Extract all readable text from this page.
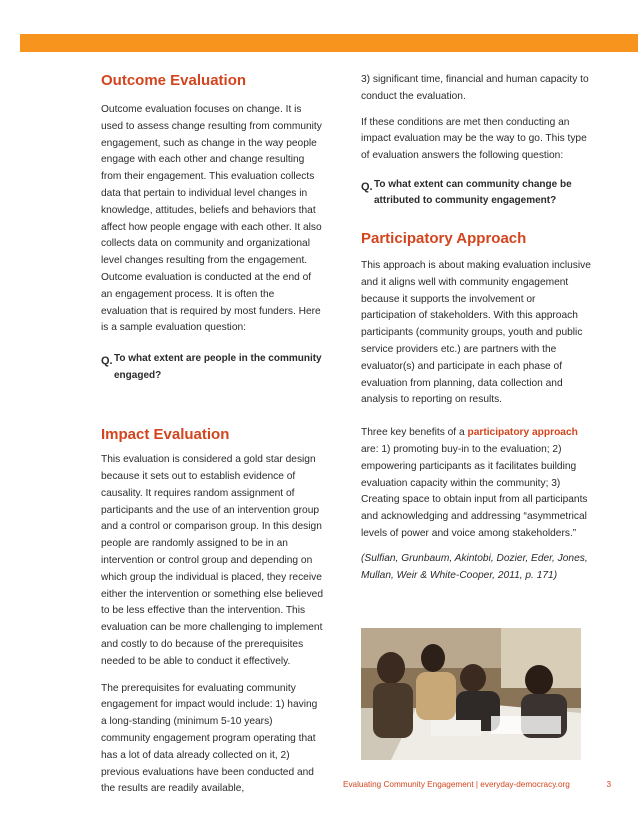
Outcome Evaluation

Outcome evaluation focuses on change. It is used to assess change resulting from community engagement, such as change in the way people engage with each other and change resulting from their engagement. This evaluation collects data that pertain to individual level changes in knowledge, attitudes, beliefs and behaviors that affect how people engage with each other. It also collects data on community and organizational level changes resulting from the engagement. Outcome evaluation is conducted at the end of an engagement process. It is often the evaluation that is required by most funders. Here is a sample evaluation question:

Q. To what extent are people in the community engaged?
Impact Evaluation

This evaluation is considered a gold star design because it sets out to establish evidence of causality. It requires random assignment of participants and the use of an intervention group and a control or comparison group. In this design people are randomly assigned to be in an intervention or control group and depending on which group the individual is placed, they receive either the intervention or something else believed to be less effective than the intervention. This evaluation can be more challenging to implement and costly to do because of the prerequisites needed to be able to conduct it effectively.

The prerequisites for evaluating community engagement for impact would include: 1) having a long-standing (minimum 5-10 years) community engagement program operating that has a lot of data already collected on it, 2) previous evaluations have been conducted and the results are readily available,

3) significant time, financial and human capacity to conduct the evaluation.

If these conditions are met then conducting an impact evaluation may be the way to go. This type of evaluation answers the following question:

Q. To what extent can community change be attributed to community engagement?
Participatory Approach

This approach is about making evaluation inclusive and it aligns well with community engagement because it supports the involvement or participation of stakeholders. With this approach participants (community groups, youth and public service providers etc.) are partners with the evaluator(s) and participate in each phase of evaluation from planning, data collection and analysis to reporting on results.

Three key benefits of a participatory approach are: 1) promoting buy-in to the evaluation; 2) empowering participants as it facilitates building evaluation capacity within the community; 3) Creating space to obtain input from all participants and acknowledging and addressing “asymmetrical levels of power and voice among stakeholders.”

(Sulfian, Grunbaum, Akintobi, Dozier, Eder, Jones, Mullan, Weir & White-Cooper, 2011, p. 171)

Evaluating Community Engagement | everyday-democracy.org	3
